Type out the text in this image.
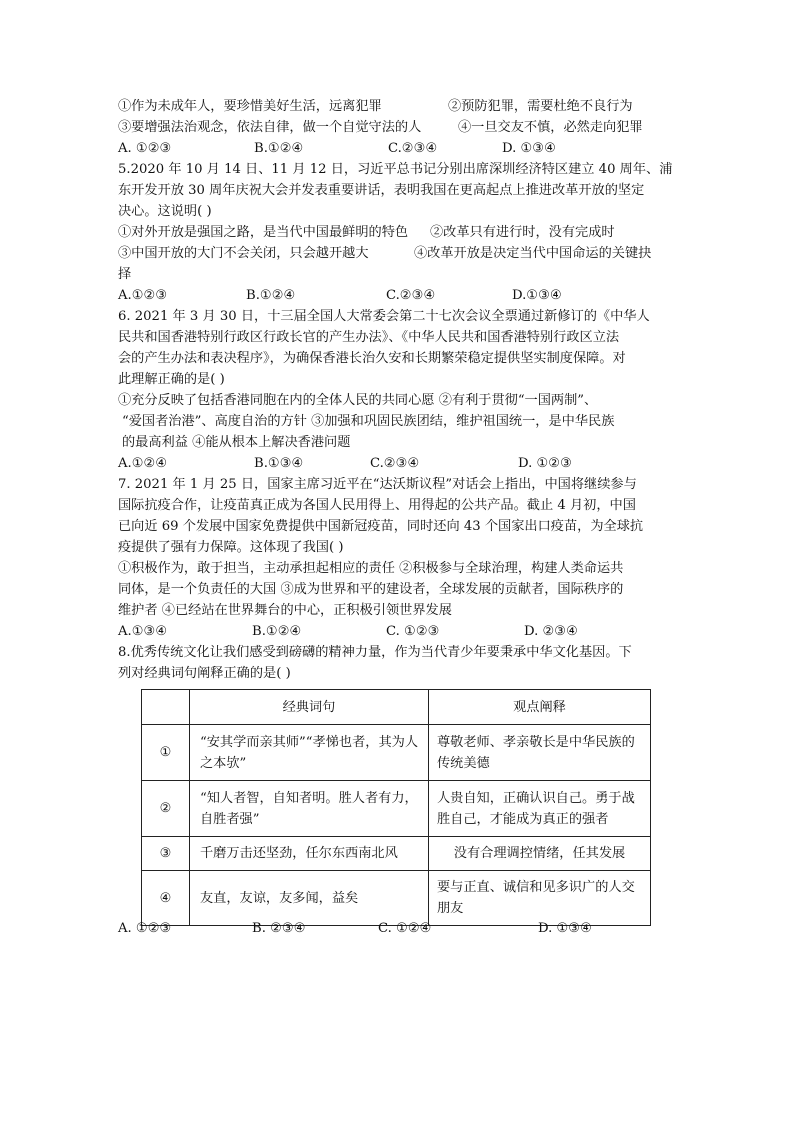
①作为未成年人，要珍惜美好生活，远离犯罪	②预防犯罪，需要杜绝不良行为
③要增强法治观念，依法自律，做一个自觉守法的人	④一旦交友不慎，必然走向犯罪
A. ①②③	B.①②④	C.②③④	D. ①③④
5.2020 年 10 月 14 日、11 月 12 日，习近平总书记分别出席深圳经济特区建立 40 周年、浦
东开发开放 30 周年庆祝大会并发表重要讲话，表明我国在更高起点上推进改革开放的坚定
决心。这说明( )
①对外开放是强国之路，是当代中国最鲜明的特色	②改革只有进行时，没有完成时
③中国开放的大门不会关闭，只会越开越大	④改革开放是决定当代中国命运的关键抉
择
A.①②③	B.①②④	C.②③④	D.①③④
6. 2021 年 3 月 30 日，十三届全国人大常委会第二十七次会议全票通过新修订的《中华人
民共和国香港特别行政区行政长官的产生办法》、《中华人民共和国香港特别行政区立法
会的产生办法和表决程序》，为确保香港长治久安和长期繁荣稳定提供坚实制度保障。对
此理解正确的是( )
①充分反映了包括香港同胞在内的全体人民的共同心愿 ②有利于贯彻“一国两制”、
“爱国者治港”、高度自治的方针 ③加强和巩固民族团结，维护祖国统一，是中华民族
的最高利益 ④能从根本上解决香港问题
A.①②④	B.①③④	C.②③④	D. ①②③
7. 2021 年 1 月 25 日，国家主席习近平在“达沃斯议程”对话会上指出，中国将继续参与
国际抗疫合作，让疫苗真正成为各国人民用得上、用得起的公共产品。截止 4 月初，中国
已向近 69 个发展中国家免费提供中国新冠疫苗，同时还向 43 个国家出口疫苗，为全球抗
疫提供了强有力保障。这体现了我国( )
①积极作为，敢于担当，主动承担起相应的责任 ②积极参与全球治理，构建人类命运共
同体，是一个负责任的大国 ③成为世界和平的建设者，全球发展的贡献者，国际秩序的
维护者 ④已经站在世界舞台的中心，正积极引领世界发展
A.①③④	B.①②④	C. ①②③	D. ②③④
8.优秀传统文化让我们感受到磅礴的精神力量，作为当代青少年要秉承中华文化基因。下
列对经典词句阐释正确的是( )
	经典词句	观点阐释
①	“安其学而亲其师”“孝悌也者，其为人之本欤”	尊敬老师、孝亲敬长是中华民族的传统美德
②	“知人者智，自知者明。胜人者有力，自胜者强”	人贵自知，正确认识自己。勇于战胜自己，才能成为真正的强者
③	千磨万击还坚劲，任尔东西南北风	没有合理调控情绪，任其发展
④	友直，友谅，友多闻，益矣	要与正直、诚信和见多识广的人交朋友
A. ①②③	B. ②③④	C. ①②④	D. ①③④
